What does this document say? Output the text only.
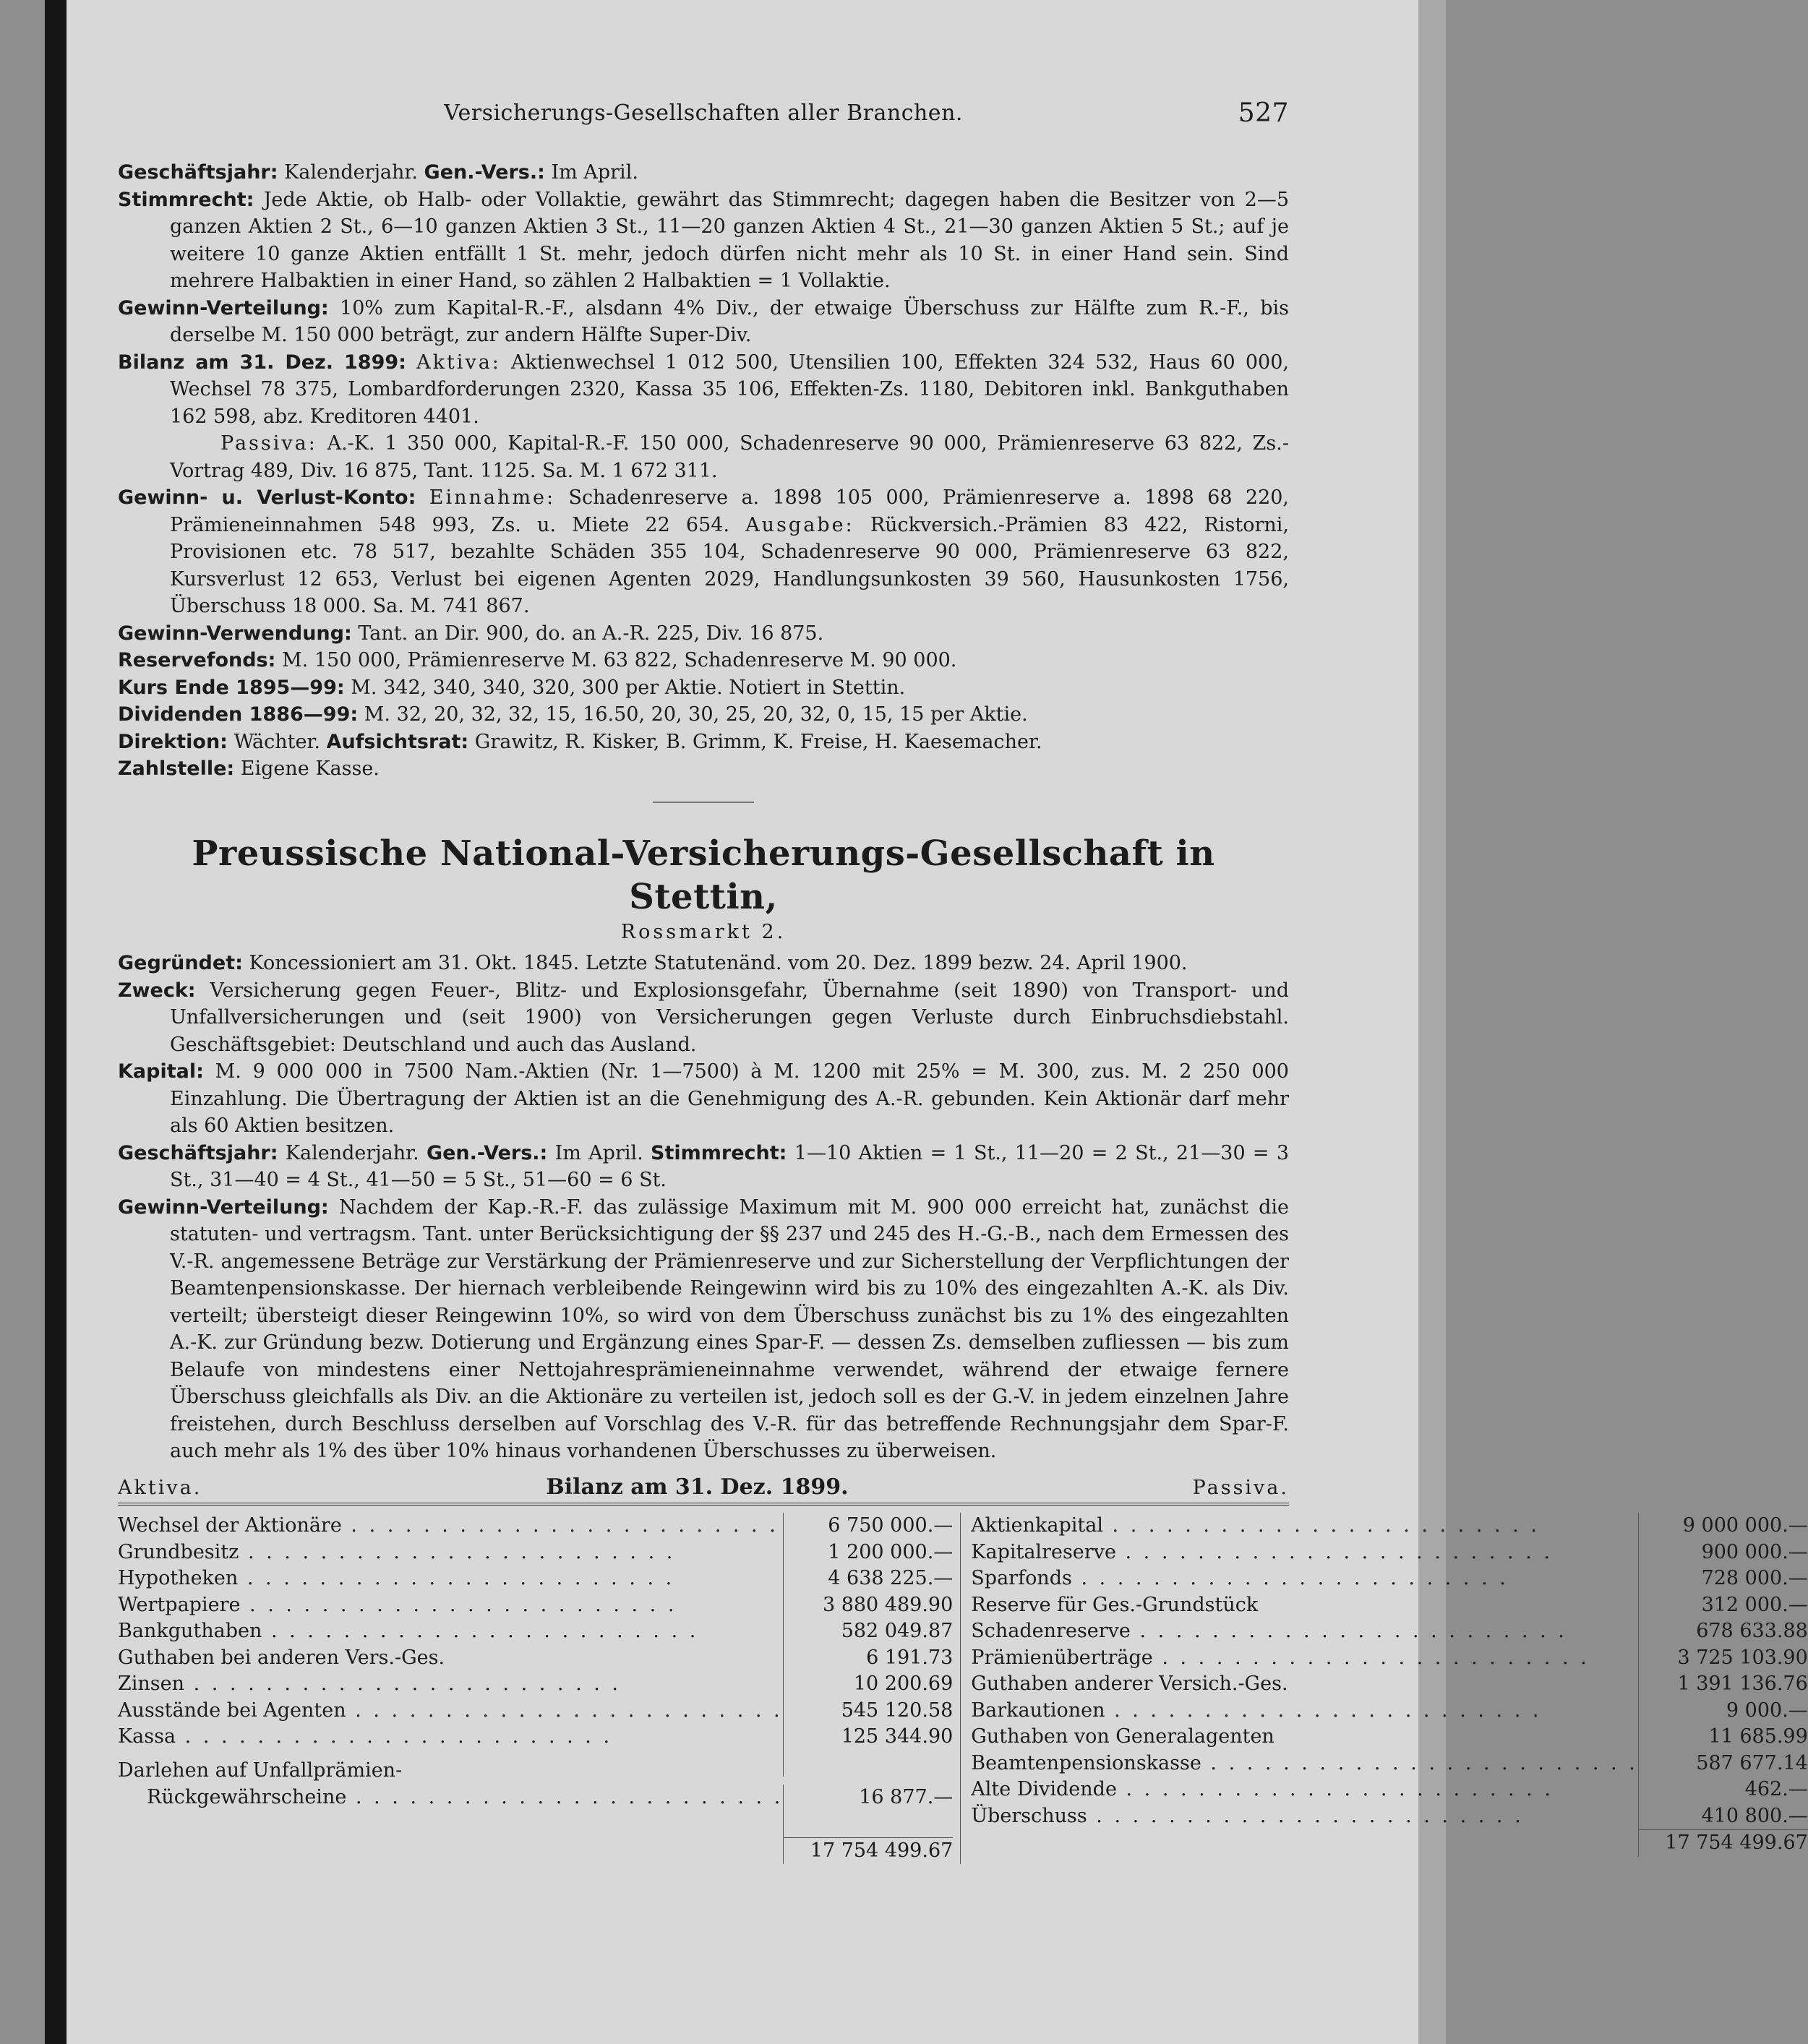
Versicherungs-Gesellschaften aller Branchen.	527

Geschäftsjahr: Kalenderjahr. Gen.-Vers.: Im April.

Stimmrecht: Jede Aktie, ob Halb- oder Vollaktie, gewährt das Stimmrecht; dagegen haben die Besitzer von 2—5 ganzen Aktien 2 St., 6—10 ganzen Aktien 3 St., 11—20 ganzen Aktien 4 St., 21—30 ganzen Aktien 5 St.; auf je weitere 10 ganze Aktien entfällt 1 St. mehr, jedoch dürfen nicht mehr als 10 St. in einer Hand sein. Sind mehrere Halbaktien in einer Hand, so zählen 2 Halbaktien = 1 Vollaktie.

Gewinn-Verteilung: 10% zum Kapital-R.-F., alsdann 4% Div., der etwaige Überschuss zur Hälfte zum R.-F., bis derselbe M. 150 000 beträgt, zur andern Hälfte Super-Div.

Bilanz am 31. Dez. 1899: Aktiva: Aktienwechsel 1 012 500, Utensilien 100, Effekten 324 532, Haus 60 000, Wechsel 78 375, Lombardforderungen 2320, Kassa 35 106, Effekten-Zs. 1180, Debitoren inkl. Bankguthaben 162 598, abz. Kreditoren 4401.

Passiva: A.-K. 1 350 000, Kapital-R.-F. 150 000, Schadenreserve 90 000, Prämienreserve 63 822, Zs.-Vortrag 489, Div. 16 875, Tant. 1125. Sa. M. 1 672 311.

Gewinn- u. Verlust-Konto: Einnahme: Schadenreserve a. 1898 105 000, Prämienreserve a. 1898 68 220, Prämieneinnahmen 548 993, Zs. u. Miete 22 654. Ausgabe: Rückversich.-Prämien 83 422, Ristorni, Provisionen etc. 78 517, bezahlte Schäden 355 104, Schadenreserve 90 000, Prämienreserve 63 822, Kursverlust 12 653, Verlust bei eigenen Agenten 2029, Handlungsunkosten 39 560, Hausunkosten 1756, Überschuss 18 000. Sa. M. 741 867.

Gewinn-Verwendung: Tant. an Dir. 900, do. an A.-R. 225, Div. 16 875.

Reservefonds: M. 150 000, Prämienreserve M. 63 822, Schadenreserve M. 90 000.

Kurs Ende 1895—99: M. 342, 340, 340, 320, 300 per Aktie. Notiert in Stettin.

Dividenden 1886—99: M. 32, 20, 32, 32, 15, 16.50, 20, 30, 25, 20, 32, 0, 15, 15 per Aktie.

Direktion: Wächter. Aufsichtsrat: Grawitz, R. Kisker, B. Grimm, K. Freise, H. Kaesemacher.

Zahlstelle: Eigene Kasse.

Preussische National-Versicherungs-Gesellschaft in Stettin,
Rossmarkt 2.

Gegründet: Koncessioniert am 31. Okt. 1845. Letzte Statutenänd. vom 20. Dez. 1899 bezw. 24. April 1900.

Zweck: Versicherung gegen Feuer-, Blitz- und Explosionsgefahr, Übernahme (seit 1890) von Transport- und Unfallversicherungen und (seit 1900) von Versicherungen gegen Verluste durch Einbruchsdiebstahl. Geschäftsgebiet: Deutschland und auch das Ausland.

Kapital: M. 9 000 000 in 7500 Nam.-Aktien (Nr. 1—7500) à M. 1200 mit 25% = M. 300, zus. M. 2 250 000 Einzahlung. Die Übertragung der Aktien ist an die Genehmigung des A.-R. gebunden. Kein Aktionär darf mehr als 60 Aktien besitzen.

Geschäftsjahr: Kalenderjahr. Gen.-Vers.: Im April. Stimmrecht: 1—10 Aktien = 1 St., 11—20 = 2 St., 21—30 = 3 St., 31—40 = 4 St., 41—50 = 5 St., 51—60 = 6 St.

Gewinn-Verteilung: Nachdem der Kap.-R.-F. das zulässige Maximum mit M. 900 000 erreicht hat, zunächst die statuten- und vertragsm. Tant. unter Berücksichtigung der §§ 237 und 245 des H.-G.-B., nach dem Ermessen des V.-R. angemessene Beträge zur Verstärkung der Prämienreserve und zur Sicherstellung der Verpflichtungen der Beamtenpensionskasse. Der hiernach verbleibende Reingewinn wird bis zu 10% des eingezahlten A.-K. als Div. verteilt; übersteigt dieser Reingewinn 10%, so wird von dem Überschuss zunächst bis zu 1% des eingezahlten A.-K. zur Gründung bezw. Dotierung und Ergänzung eines Spar-F. — dessen Zs. demselben zufliessen — bis zum Belaufe von mindestens einer Nettojahresprämieneinnahme verwendet, während der etwaige fernere Überschuss gleichfalls als Div. an die Aktionäre zu verteilen ist, jedoch soll es der G.-V. in jedem einzelnen Jahre freistehen, durch Beschluss derselben auf Vorschlag des V.-R. für das betreffende Rechnungsjahr dem Spar-F. auch mehr als 1% des über 10% hinaus vorhandenen Überschusses zu überweisen.

Aktiva.	Bilanz am 31. Dez. 1899.	Passiva.
Wechsel der Aktionäre . . .	6 750 000.—
Grundbesitz . . .	1 200 000.—
Hypotheken . . .	4 638 225.—
Wertpapiere . . .	3 880 489.90
Bankguthaben . . .	582 049.87
Guthaben bei anderen Vers.-Ges.	6 191.73
Zinsen . . .	10 200.69
Ausstände bei Agenten . . .	545 120.58
Kassa . . .	125 344.90
Darlehen auf Unfallprämien-
Rückgewährscheine . . .	16 877.—
17 754 499.67
Aktienkapital . . .	9 000 000.—
Kapitalreserve . . .	900 000.—
Sparfonds . . .	728 000.—
Reserve für Ges.-Grundstück	312 000.—
Schadenreserve . . .	678 633.88
Prämienüberträge . . .	3 725 103.90
Guthaben anderer Versich.-Ges.	1 391 136.76
Barkautionen . . .	9 000.—
Guthaben von Generalagenten	11 685.99
Beamtenpensionskasse . . .	587 677.14
Alte Dividende . . .	462.—
Überschuss . . .	410 800.—
17 754 499.67
